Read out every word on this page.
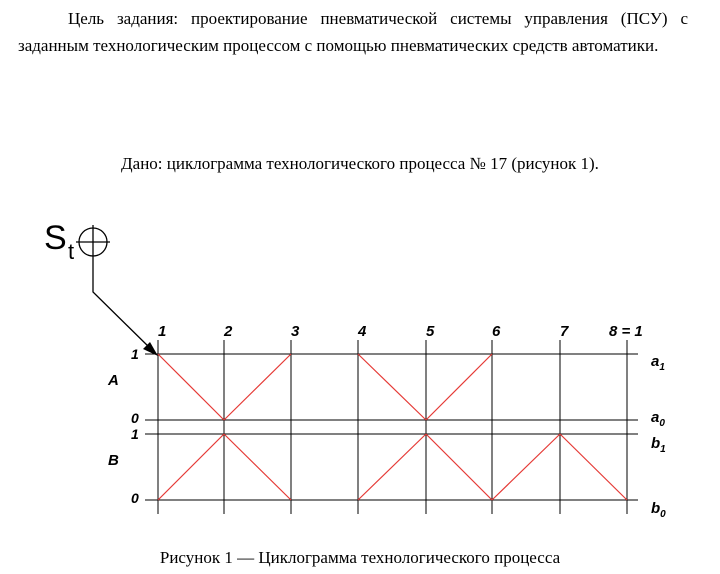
Цель задания: проектирование пневматической системы управления (ПСУ) с заданным технологическим процессом с помощью пневматических средств автоматики.
Дано: циклограмма технологического процесса № 17 (рисунок 1).
1	2	3	4	5	6	7	8 = 1
A
1
0
$a_1$
$a_0$
B
1
0
$b_1$
$b_0$
S t
Рисунок 1 — Циклограмма технологического процесса
